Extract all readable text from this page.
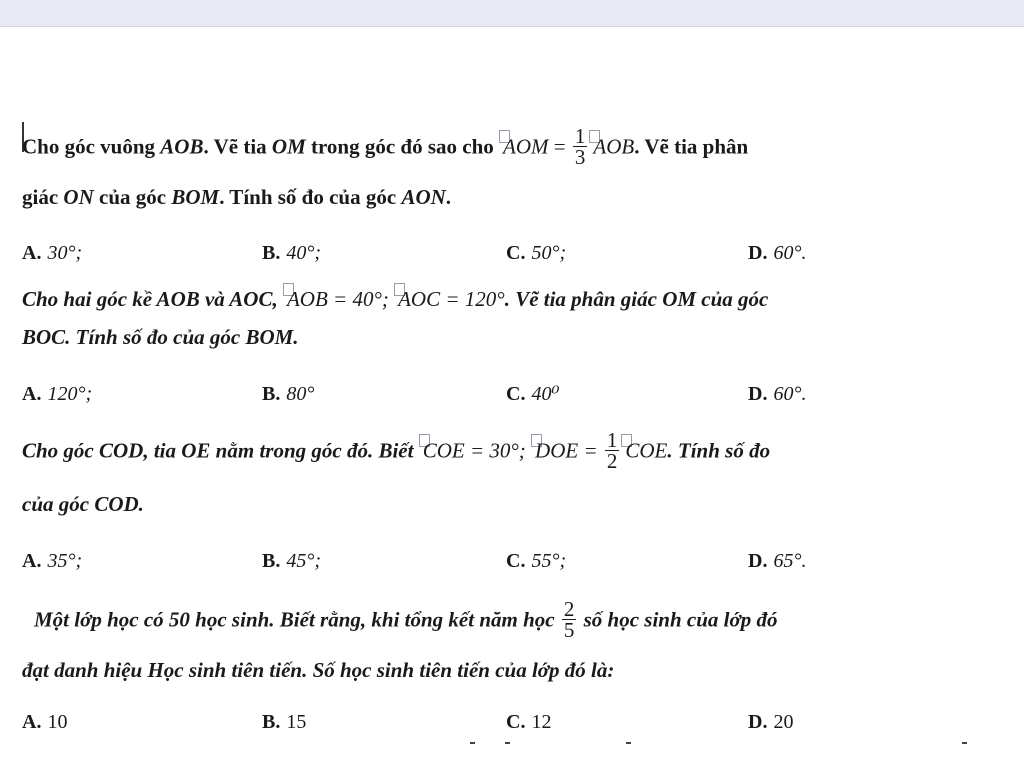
Cho góc vuông AOB. Vẽ tia OM trong góc đó sao cho AOM = $\frac{1}{3}$ AOB. Vẽ tia phân
giác ON của góc BOM. Tính số đo của góc AON.
A. 30°;	B. 40°;	C. 50°;	D. 60°.
Cho hai góc kề AOB và AOC, AOB = 40°; AOC = 120°. Vẽ tia phân giác OM của góc
BOC. Tính số đo của góc BOM.
A. 120°;	B. 80°	C. 40⁰	D. 60°.
Cho góc COD, tia OE nằm trong góc đó. Biết COE = 30°; DOE = $\frac{1}{2}$ COE. Tính số đo
của góc COD.
A. 35°;	B. 45°;	C. 55°;	D. 65°.
Một lớp học có 50 học sinh. Biết rằng, khi tổng kết năm học $\frac{2}{5}$ số học sinh của lớp đó
đạt danh hiệu Học sinh tiên tiến. Số học sinh tiên tiến của lớp đó là:
A. 10	B. 15	C. 12	D. 20
